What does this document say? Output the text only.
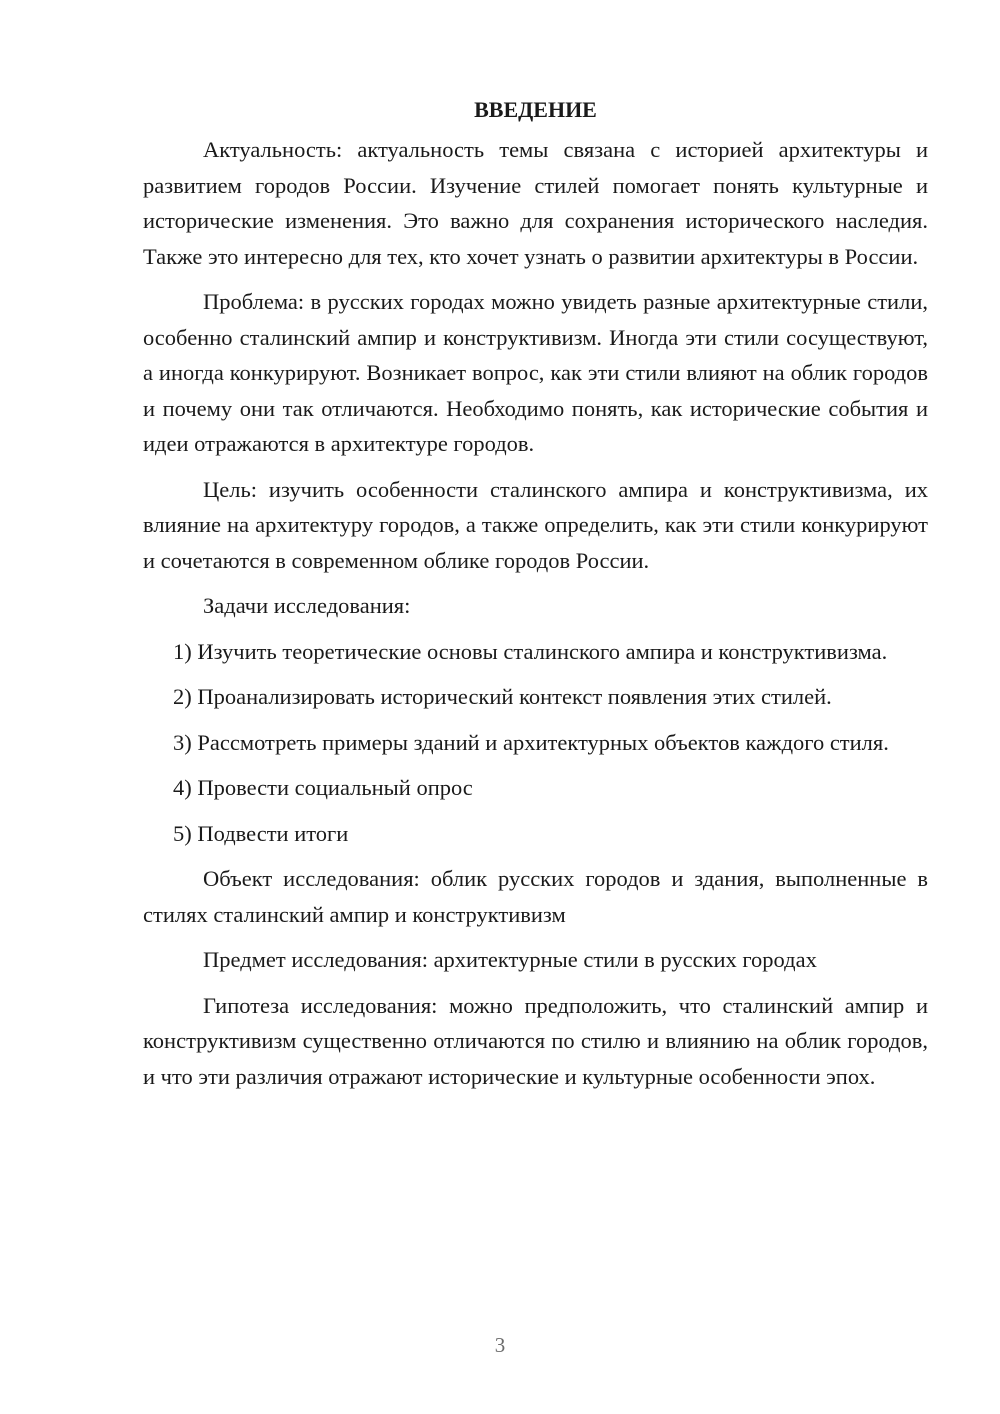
ВВЕДЕНИЕ
Актуальность: актуальность темы связана с историей архитектуры и развитием городов России. Изучение стилей помогает понять культурные и исторические изменения. Это важно для сохранения исторического наследия. Также это интересно для тех, кто хочет узнать о развитии архитектуры в России.
Проблема: в русских городах можно увидеть разные архитектурные стили, особенно сталинский ампир и конструктивизм. Иногда эти стили сосуществуют, а иногда конкурируют. Возникает вопрос, как эти стили влияют на облик городов и почему они так отличаются. Необходимо понять, как исторические события и идеи отражаются в архитектуре городов.
Цель: изучить особенности сталинского ампира и конструктивизма, их влияние на архитектуру городов, а также определить, как эти стили конкурируют и сочетаются в современном облике городов России.
Задачи исследования:
1) Изучить теоретические основы сталинского ампира и конструктивизма.
2) Проанализировать исторический контекст появления этих стилей.
3) Рассмотреть примеры зданий и архитектурных объектов каждого стиля.
4) Провести социальный опрос
5) Подвести итоги
Объект исследования: облик русских городов и здания, выполненные в стилях сталинский ампир и конструктивизм
Предмет исследования: архитектурные стили в русских городах
Гипотеза исследования: можно предположить, что сталинский ампир и конструктивизм существенно отличаются по стилю и влиянию на облик городов, и что эти различия отражают исторические и культурные особенности эпох.
3
